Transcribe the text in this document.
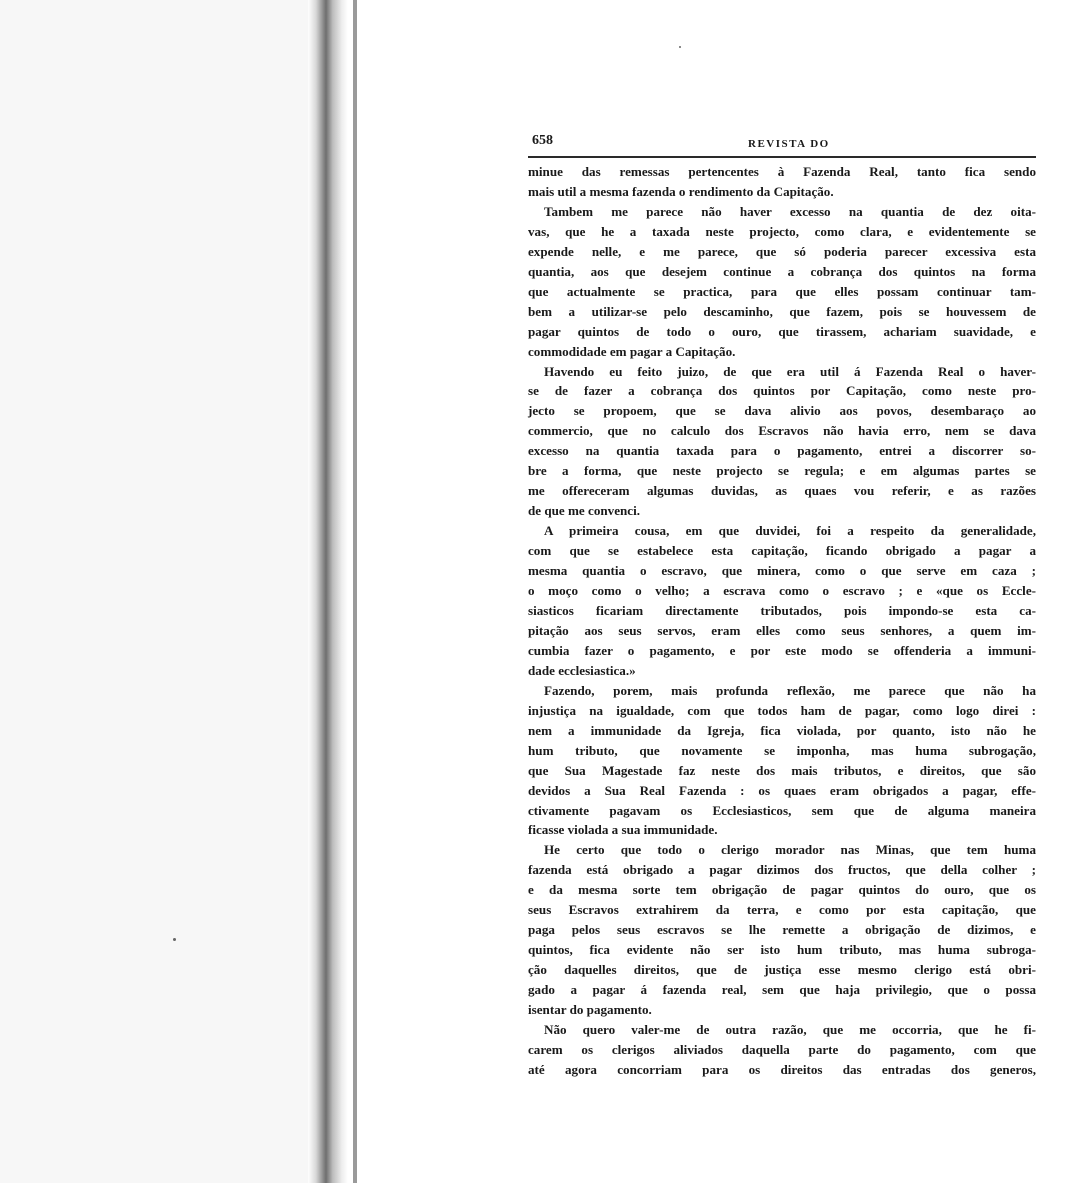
658	REVISTA DO
minue das remessas pertencentes à Fazenda Real, tanto fica sendo
mais util a mesma fazenda o rendimento da Capitação.
Tambem me parece não haver excesso na quantia de dez oita-
vas, que he a taxada neste projecto, como clara, e evidentemente se
expende nelle, e me parece, que só poderia parecer excessiva esta
quantia, aos que desejem continue a cobrança dos quintos na forma
que actualmente se practica, para que elles possam continuar tam-
bem a utilizar-se pelo descaminho, que fazem, pois se houvessem de
pagar quintos de todo o ouro, que tirassem, achariam suavidade, e
commodidade em pagar a Capitação.
Havendo eu feito juizo, de que era util á Fazenda Real o haver-
se de fazer a cobrança dos quintos por Capitação, como neste pro-
jecto se propoem, que se dava alivio aos povos, desembaraço ao
commercio, que no calculo dos Escravos não havia erro, nem se dava
excesso na quantia taxada para o pagamento, entrei a discorrer so-
bre a forma, que neste projecto se regula; e em algumas partes se
me offereceram algumas duvidas, as quaes vou referir, e as razões
de que me convenci.
A primeira cousa, em que duvidei, foi a respeito da generalidade,
com que se estabelece esta capitação, ficando obrigado a pagar a
mesma quantia o escravo, que minera, como o que serve em caza ;
o moço como o velho; a escrava como o escravo ; e «que os Eccle-
siasticos ficariam directamente tributados, pois impondo-se esta ca-
pitação aos seus servos, eram elles como seus senhores, a quem im-
cumbia fazer o pagamento, e por este modo se offenderia a immuni-
dade ecclesiastica.»
Fazendo, porem, mais profunda reflexão, me parece que não ha
injustiça na igualdade, com que todos ham de pagar, como logo direi :
nem a immunidade da Igreja, fica violada, por quanto, isto não he
hum tributo, que novamente se imponha, mas huma subrogação,
que Sua Magestade faz neste dos mais tributos, e direitos, que são
devidos a Sua Real Fazenda : os quaes eram obrigados a pagar, effe-
ctivamente pagavam os Ecclesiasticos, sem que de alguma maneira
ficasse violada a sua immunidade.
He certo que todo o clerigo morador nas Minas, que tem huma
fazenda está obrigado a pagar dizimos dos fructos, que della colher ;
e da mesma sorte tem obrigação de pagar quintos do ouro, que os
seus Escravos extrahirem da terra, e como por esta capitação, que
paga pelos seus escravos se lhe remette a obrigação de dizimos, e
quintos, fica evidente não ser isto hum tributo, mas huma subroga-
ção daquelles direitos, que de justiça esse mesmo clerigo está obri-
gado a pagar á fazenda real, sem que haja privilegio, que o possa
isentar do pagamento.
Não quero valer-me de outra razão, que me occorria, que he fi-
carem os clerigos aliviados daquella parte do pagamento, com que
até agora concorriam para os direitos das entradas dos generos,
